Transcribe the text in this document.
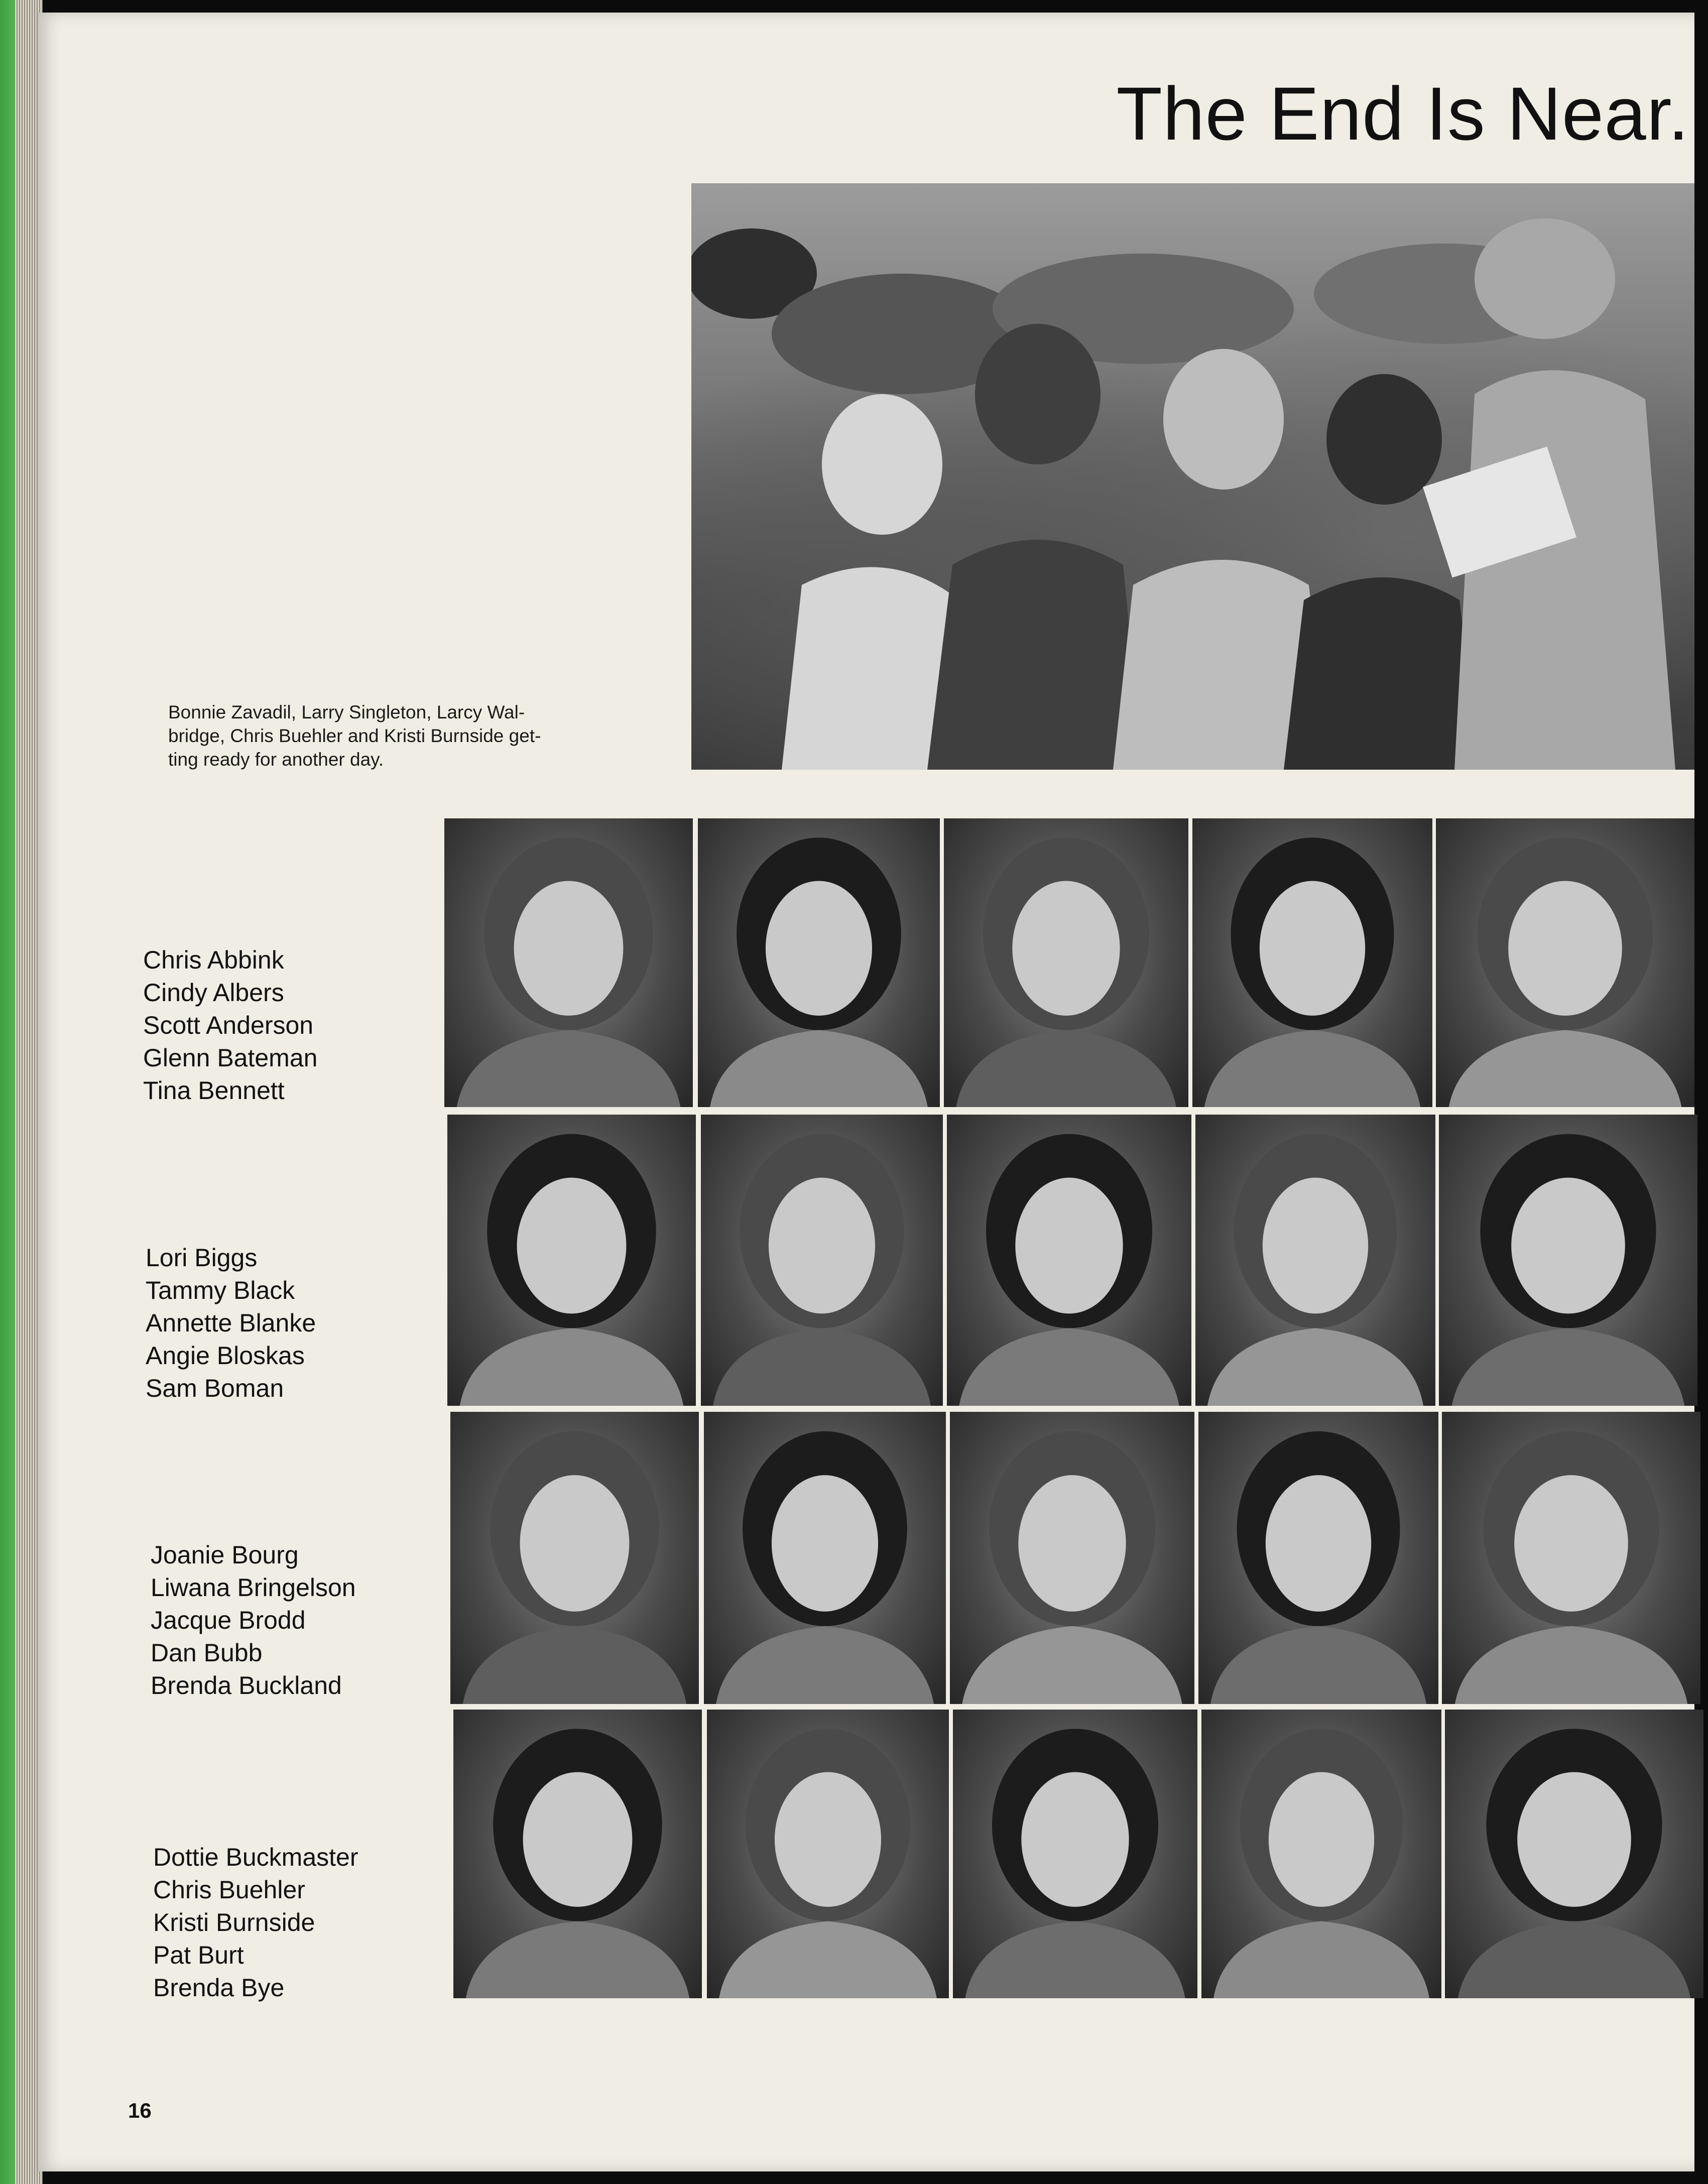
The End Is Near.
Bonnie Zavadil, Larry Singleton, Larcy Wal-
bridge, Chris Buehler and Kristi Burnside get-
ting ready for another day.
Chris Abbink
Cindy Albers
Scott Anderson
Glenn Bateman
Tina Bennett
Lori Biggs
Tammy Black
Annette Blanke
Angie Bloskas
Sam Boman
Joanie Bourg
Liwana Bringelson
Jacque Brodd
Dan Bubb
Brenda Buckland
Dottie Buckmaster
Chris Buehler
Kristi Burnside
Pat Burt
Brenda Bye
16
